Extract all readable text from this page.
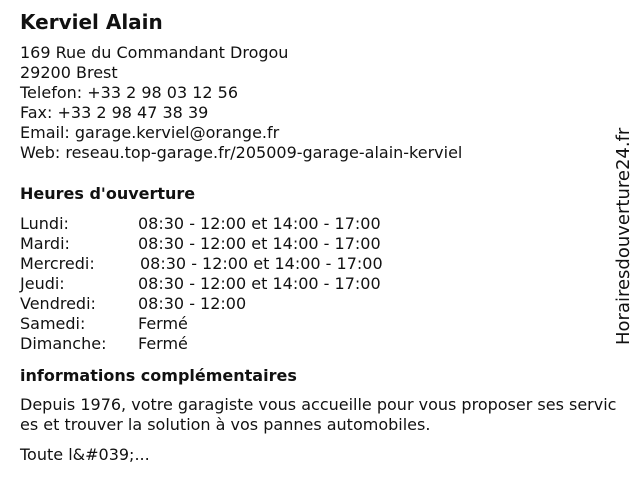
Kerviel Alain
169 Rue du Commandant Drogou
29200 Brest
Telefon: +33 2 98 03 12 56
Fax: +33 2 98 47 38 39
Email: garage.kerviel@orange.fr
Web: reseau.top-garage.fr/205009-garage-alain-kerviel
Heures d'ouverture
Lundi:	08:30 - 12:00 et 14:00 - 17:00
Mardi:	08:30 - 12:00 et 14:00 - 17:00
Mercredi:	08:30 - 12:00 et 14:00 - 17:00
Jeudi:	08:30 - 12:00 et 14:00 - 17:00
Vendredi:	08:30 - 12:00
Samedi:	Fermé
Dimanche: Fermé
informations complémentaires
Depuis 1976, votre garagiste vous accueille pour vous proposer ses services et trouver la solution à vos pannes automobiles.
Toute l&#039;...
Horairesdouverture24.fr
